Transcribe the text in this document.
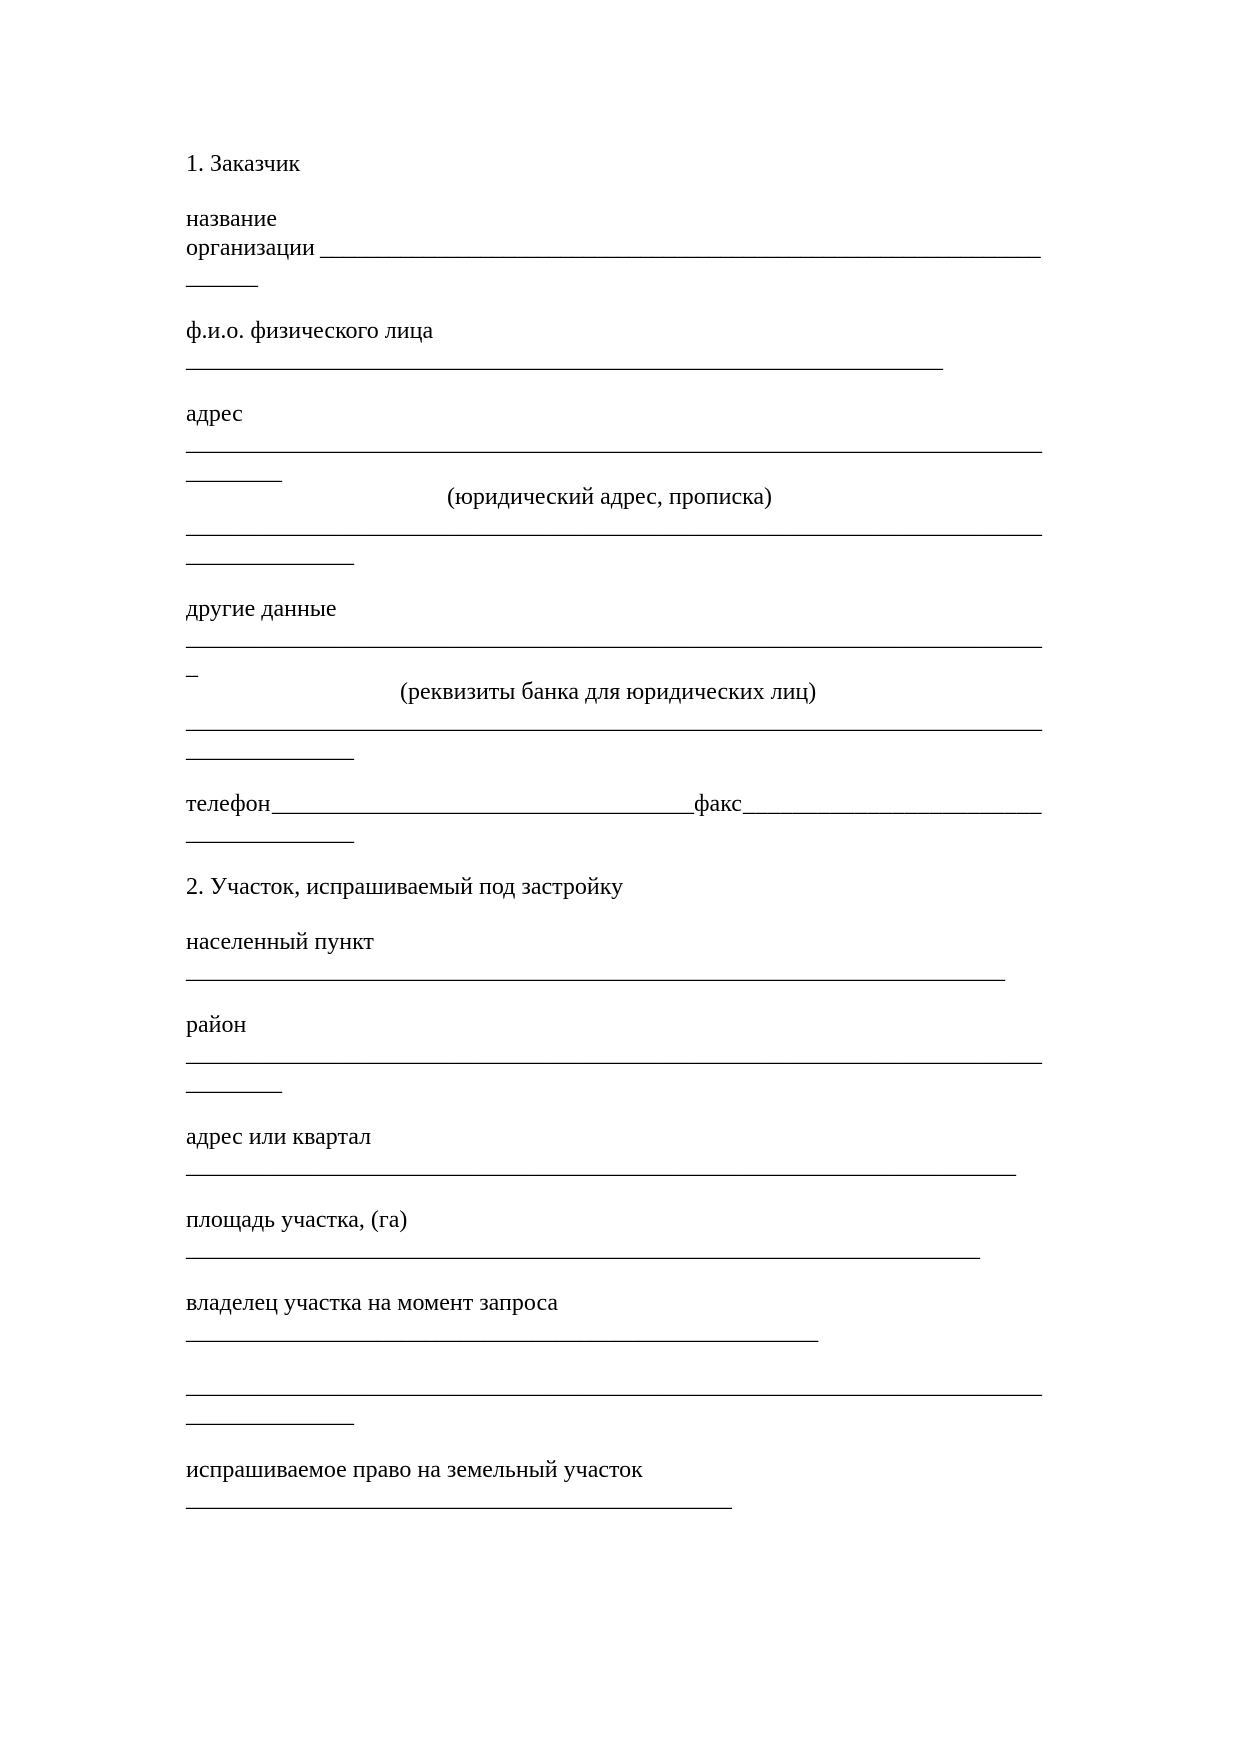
1. Заказчик

название

организации _______________________________________________________________

______

ф.и.о. физического лица

_______________________________________________________________

адрес

_______________________________________________________________________

________

(юридический адрес, прописка)

_______________________________________________________________________

______________

другие данные

_______________________________________________________________________

_

(реквизиты банка для юридических лиц)

_______________________________________________________________________

______________

телефон ___________________________________ факс ________________________

______________

2. Участок, испрашиваемый под застройку

населенный пункт

____________________________________________________________________

район

_______________________________________________________________________

________

адрес или квартал

_____________________________________________________________________

площадь участка, (га)

__________________________________________________________________

владелец участка на момент запроса

_____________________________________________________

_______________________________________________________________________

______________

испрашиваемое право на земельный участок

_____________________________________________
